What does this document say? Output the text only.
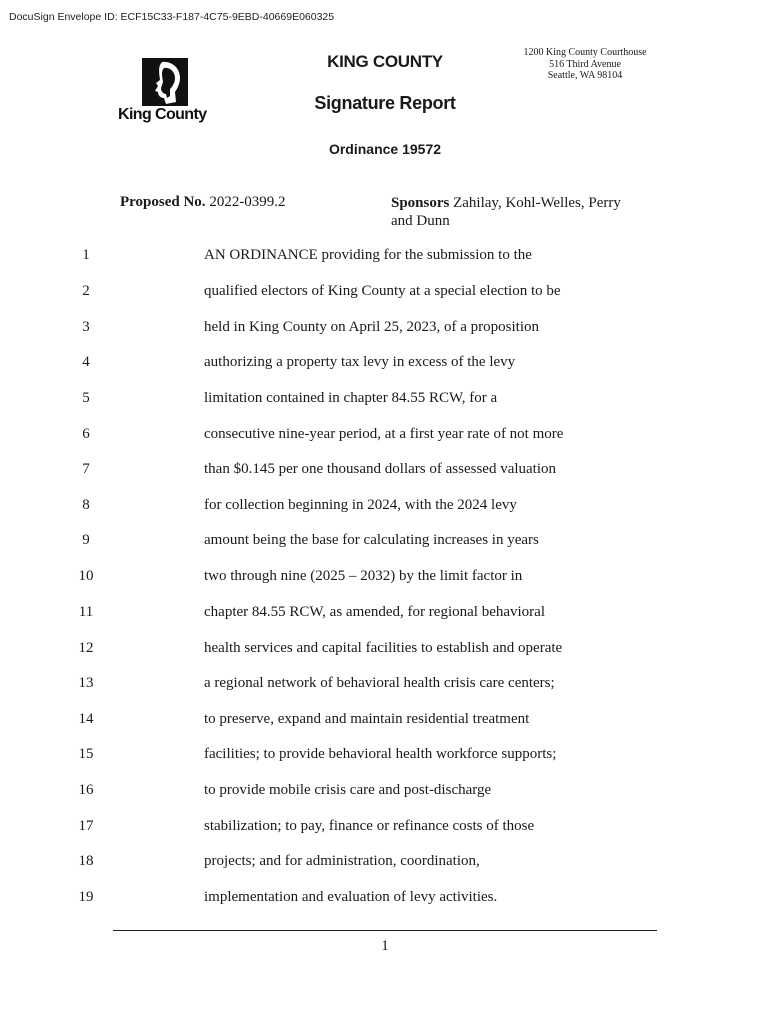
DocuSign Envelope ID: ECF15C33-F187-4C75-9EBD-40669E060325
King County
KING COUNTY	1200 King County Courthouse
516 Third Avenue
Seattle, WA 98104
Signature Report
Ordinance 19572
Proposed No. 2022-0399.2	Sponsors Zahilay, Kohl-Welles, Perry and Dunn
1	AN ORDINANCE providing for the submission to the
2	qualified electors of King County at a special election to be
3	held in King County on April 25, 2023, of a proposition
4	authorizing a property tax levy in excess of the levy
5	limitation contained in chapter 84.55 RCW, for a
6	consecutive nine-year period, at a first year rate of not more
7	than $0.145 per one thousand dollars of assessed valuation
8	for collection beginning in 2024, with the 2024 levy
9	amount being the base for calculating increases in years
10	two through nine (2025 – 2032) by the limit factor in
11	chapter 84.55 RCW, as amended, for regional behavioral
12	health services and capital facilities to establish and operate
13	a regional network of behavioral health crisis care centers;
14	to preserve, expand and maintain residential treatment
15	facilities; to provide behavioral health workforce supports;
16	to provide mobile crisis care and post-discharge
17	stabilization; to pay, finance or refinance costs of those
18	projects; and for administration, coordination,
19	implementation and evaluation of levy activities.
1
